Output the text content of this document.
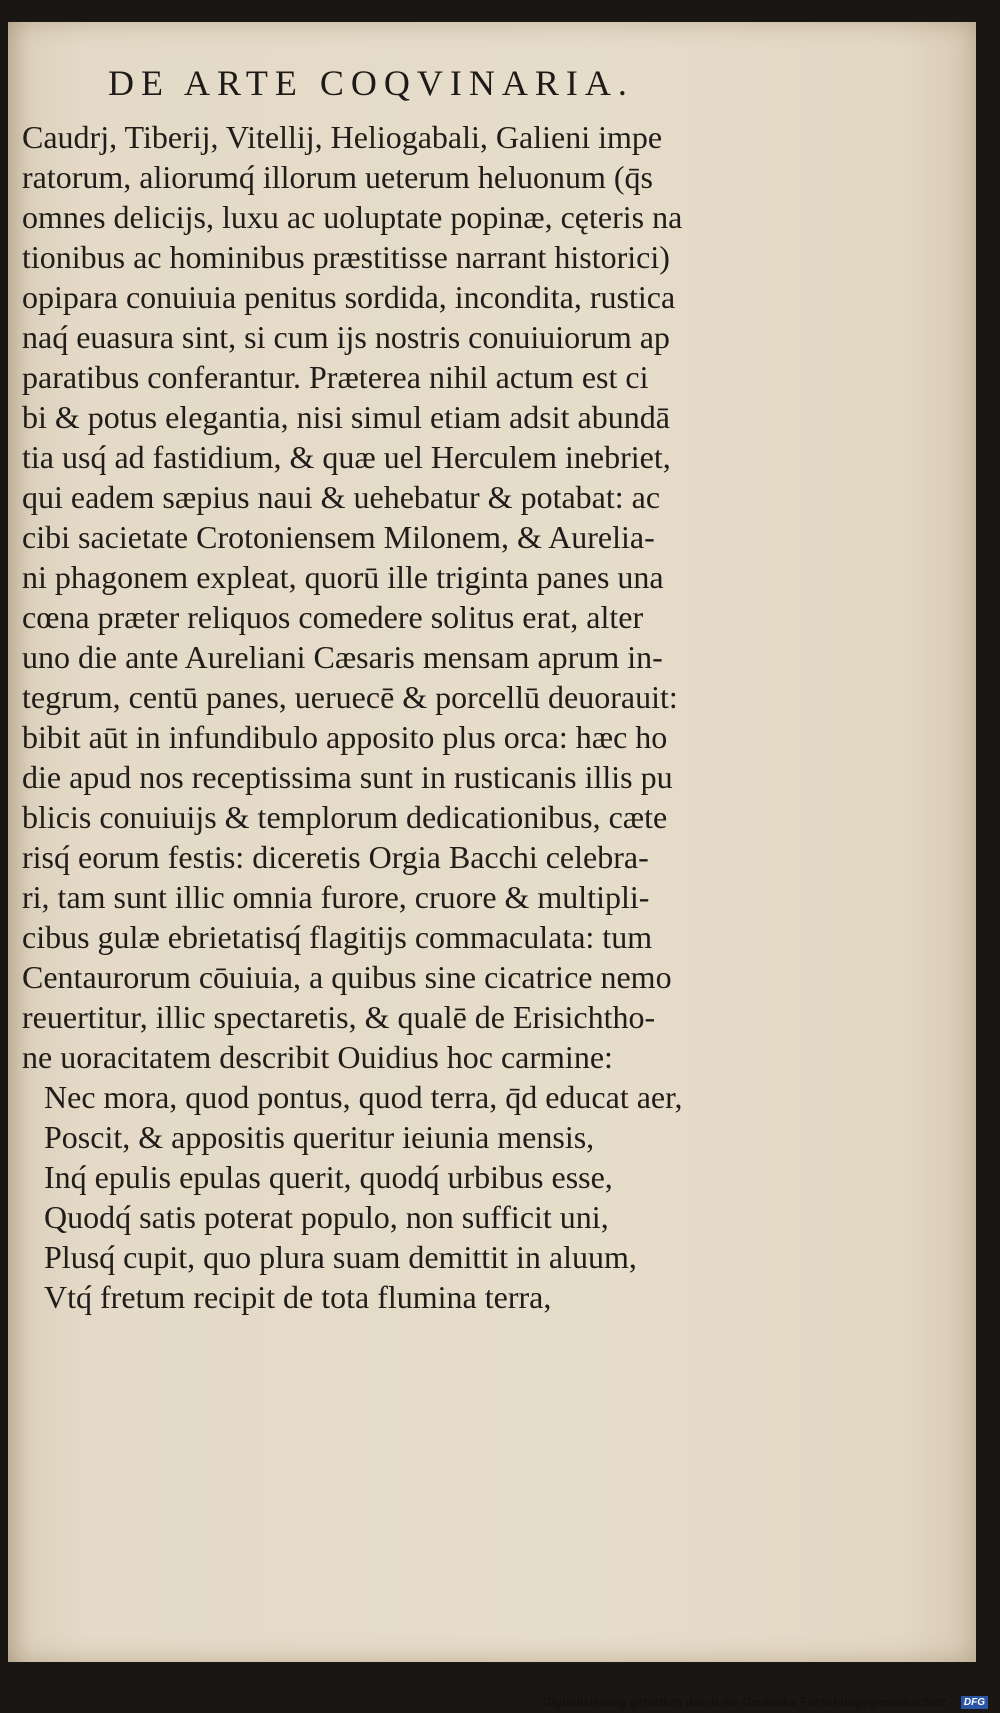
DE ARTE COQVINARIA.
Caudrj, Tiberij, Vitellij, Heliogabali, Galieni impe
ratorum, aliorumq́ illorum ueterum heluonum (q̄s
omnes delicijs, luxu ac uoluptate popinæ, cęteris na
tionibus ac hominibus præstitisse narrant historici)
opipara conuiuia penitus sordida, incondita, rustica
naq́ euasura sint, si cum ijs nostris conuiuiorum ap
paratibus conferantur. Præterea nihil actum est ci
bi & potus elegantia, nisi simul etiam adsit abundā
tia usq́ ad fastidium, & quæ uel Herculem inebriet,
qui eadem sæpius naui & uehebatur & potabat: ac
cibi sacietate Crotoniensem Milonem, & Aureliа-
ni phagonem expleat, quorū ille triginta panes una
cœna præter reliquos comedere solitus erat, alter
uno die ante Aureliani Cæsaris mensam aprum in-
tegrum, centū panes, ueruecē & porcellū deuorauit:
bibit aūt in infundibulo apposito plus orca: hæc ho
die apud nos receptissima sunt in rusticanis illis pu
blicis conuiuijs & templorum dedicationibus, cæte
risq́ eorum festis: diceretis Orgia Bacchi celebra-
ri, tam sunt illic omnia furore, cruore & multipli-
cibus gulæ ebrietatisq́ flagitijs commaculata: tum
Centaurorum cōuiuia, a quibus sine cicatrice nemo
reuertitur, illic spectaretis, & qualē de Erisichtho-
ne uoracitatem describit Ouidius hoc carmine:
Nec mora, quod pontus, quod terra, q̄d educat aer,
Poscit, & appositis queritur ieiunia mensis,
Inq́ epulis epulas querit, quodq́ urbibus esse,
Quodq́ satis poterat populo, non sufficit uni,
Plusq́ cupit, quo plura suam demittit in aluum,
Vtq́ fretum recipit de tota flumina terra,
Digitalisierung gefördert durch die Deutsche Forschungsgemeinschaft - DFG
